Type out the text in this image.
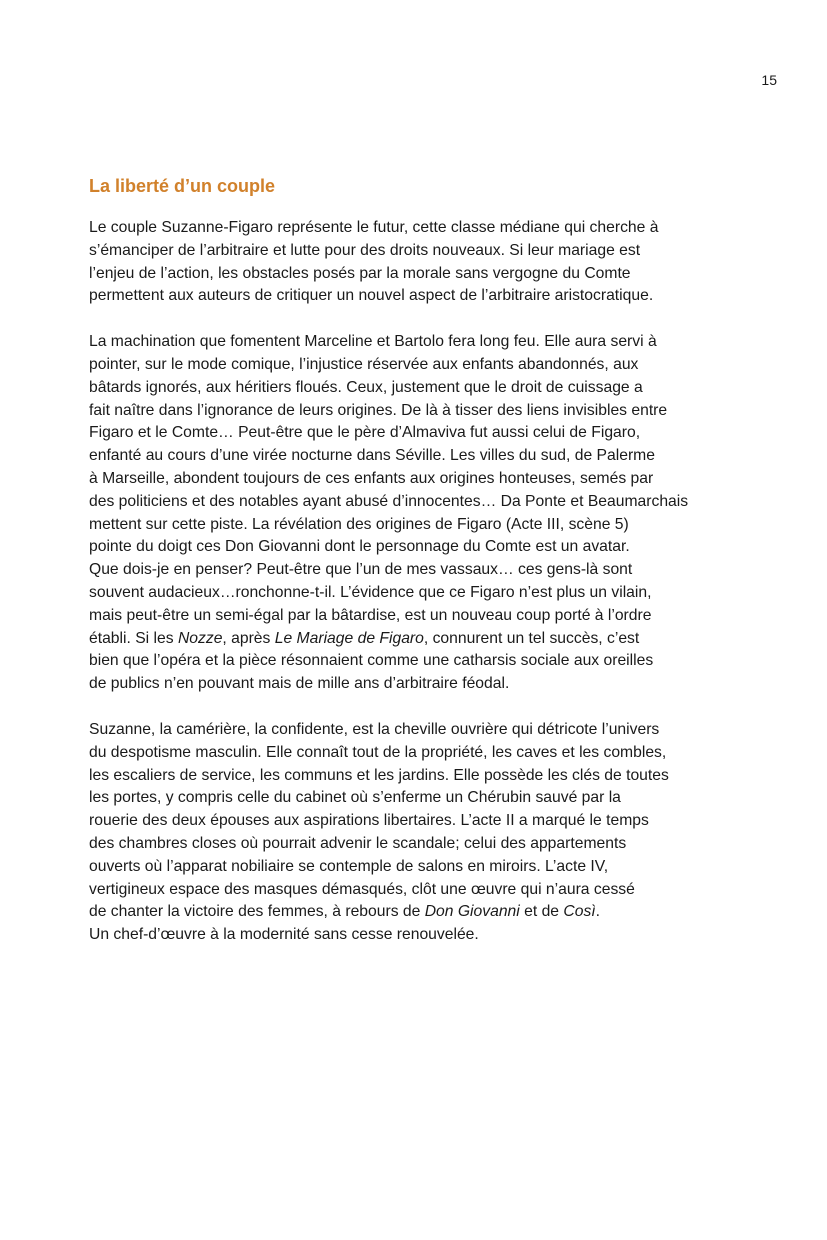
15
La liberté d’un couple

Le couple Suzanne-Figaro représente le futur, cette classe médiane qui cherche à
s’émanciper de l’arbitraire et lutte pour des droits nouveaux. Si leur mariage est
l’enjeu de l’action, les obstacles posés par la morale sans vergogne du Comte
permettent aux auteurs de critiquer un nouvel aspect de l’arbitraire aristocratique.

La machination que fomentent Marceline et Bartolo fera long feu. Elle aura servi à
pointer, sur le mode comique, l’injustice réservée aux enfants abandonnés, aux
bâtards ignorés, aux héritiers floués. Ceux, justement que le droit de cuissage a
fait naître dans l’ignorance de leurs origines. De là à tisser des liens invisibles entre
Figaro et le Comte… Peut-être que le père d’Almaviva fut aussi celui de Figaro,
enfanté au cours d’une virée nocturne dans Séville. Les villes du sud, de Palerme
à Marseille, abondent toujours de ces enfants aux origines honteuses, semés par
des politiciens et des notables ayant abusé d’innocentes… Da Ponte et Beaumarchais
mettent sur cette piste. La révélation des origines de Figaro (Acte III, scène 5)
pointe du doigt ces Don Giovanni dont le personnage du Comte est un avatar.
Que dois-je en penser? Peut-être que l’un de mes vassaux… ces gens-là sont
souvent audacieux…ronchonne-t-il. L’évidence que ce Figaro n’est plus un vilain,
mais peut-être un semi-égal par la bâtardise, est un nouveau coup porté à l’ordre
établi. Si les Nozze, après Le Mariage de Figaro, connurent un tel succès, c’est
bien que l’opéra et la pièce résonnaient comme une catharsis sociale aux oreilles
de publics n’en pouvant mais de mille ans d’arbitraire féodal.

Suzanne, la camérière, la confidente, est la cheville ouvrière qui détricote l’univers
du despotisme masculin. Elle connaît tout de la propriété, les caves et les combles,
les escaliers de service, les communs et les jardins. Elle possède les clés de toutes
les portes, y compris celle du cabinet où s’enferme un Chérubin sauvé par la
rouerie des deux épouses aux aspirations libertaires. L’acte II a marqué le temps
des chambres closes où pourrait advenir le scandale; celui des appartements
ouverts où l’apparat nobiliaire se contemple de salons en miroirs. L’acte IV,
vertigineux espace des masques démasqués, clôt une œuvre qui n’aura cessé
de chanter la victoire des femmes, à rebours de Don Giovanni et de Così.
Un chef-d’œuvre à la modernité sans cesse renouvelée.
